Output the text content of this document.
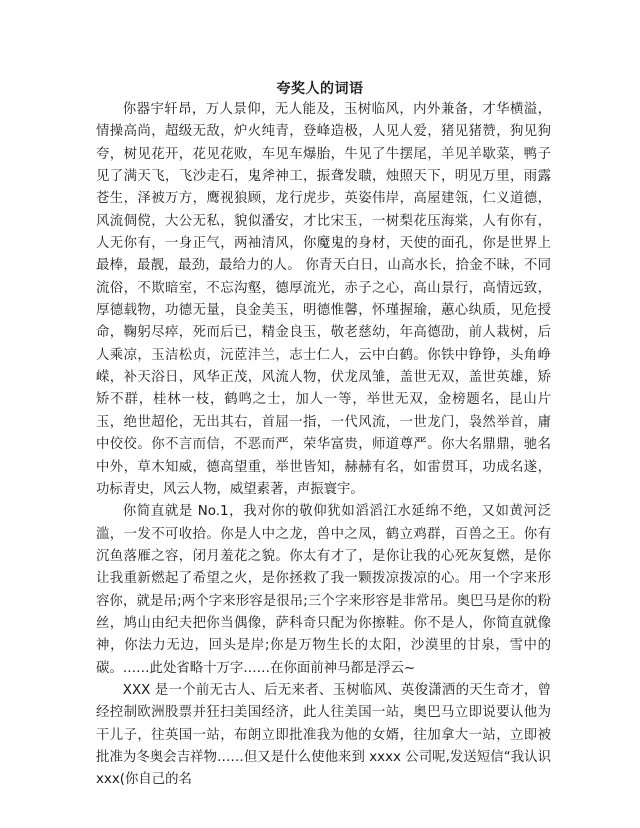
夸奖人的词语

你器宇轩昂，万人景仰，无人能及，玉树临风，内外兼备，才华横溢，情操高尚，超级无敌，炉火纯青，登峰造极，人见人爱，猪见猪赞，狗见狗夸，树见花开，花见花败，车见车爆胎，牛见了牛摆尾，羊见羊歇菜，鸭子见了满天飞，飞沙走石，鬼斧神工，振聋发聩，烛照天下，明见万里，雨露苍生，泽被万方，鹰视狼顾，龙行虎步，英姿伟岸，高屋建瓴，仁义道德，风流倜傥，大公无私，貌似潘安，才比宋玉，一树梨花压海棠，人有你有，人无你有，一身正气，两袖清风，你魔鬼的身材，天使的面孔，你是世界上最棒，最靓，最劲，最给力的人。 你青天白日，山高水长，拾金不昧，不同流俗，不欺暗室，不忘沟壑，德厚流光，赤子之心，高山景行，高情远致，厚德载物，功德无量，良金美玉，明德惟馨，怀瑾握瑜，蕙心纨质，见危授命，鞠躬尽瘁，死而后已，精金良玉，敬老慈幼，年高德劭，前人栽树，后人乘凉，玉洁松贞，沅茝沣兰，志士仁人，云中白鹤。你铁中铮铮，头角峥嵘，补天浴日，风华正茂，风流人物，伏龙凤雏，盖世无双，盖世英雄，矫矫不群，桂林一枝，鹤鸣之士，加人一等，举世无双，金榜题名，昆山片玉，绝世超伦，无出其右，首屈一指，一代风流，一世龙门，袅然举首，庸中佼佼。你不言而信，不恶而严，荣华富贵，师道尊严。你大名鼎鼎，驰名中外，草木知威，德高望重，举世皆知，赫赫有名，如雷贯耳，功成名遂，功标青史，风云人物，威望素著，声振寰宇。

你简直就是 No.1，我对你的敬仰犹如滔滔江水延绵不绝，又如黄河泛滥，一发不可收拾。你是人中之龙，兽中之凤，鹤立鸡群，百兽之王。你有沉鱼落雁之容，闭月羞花之貌。你太有才了，是你让我的心死灰复燃，是你让我重新燃起了希望之火，是你拯救了我一颗拨凉拨凉的心。用一个字来形容你，就是吊;两个字来形容是很吊;三个字来形容是非常吊。奥巴马是你的粉丝，鸠山由纪夫把你当偶像，萨科奇只配为你擦鞋。你不是人，你简直就像神，你法力无边，回头是岸;你是万物生长的太阳，沙漠里的甘泉，雪中的碳。……此处省略十万字……在你面前神马都是浮云~

XXX 是一个前无古人、后无来者、玉树临风、英俊潇洒的天生奇才，曾经控制欧洲股票并狂扫美国经济，此人往美国一站，奥巴马立即说要认他为干儿子，往英国一站，布朗立即批准我为他的女婿，往加拿大一站，立即被批准为冬奥会吉祥物……但又是什么使他来到 xxxx 公司呢,发送短信“我认识 xxx(你自己的名
